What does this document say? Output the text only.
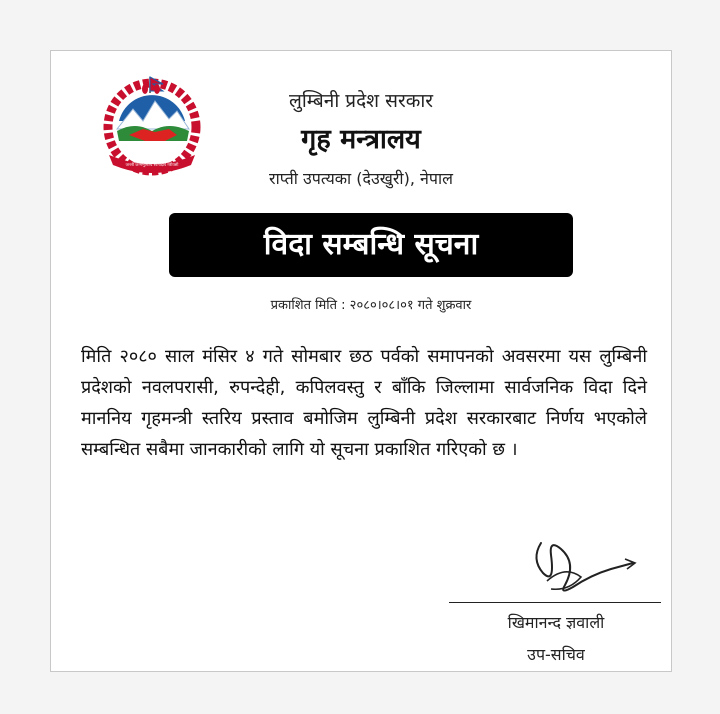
जननी जन्मभूमिश्च स्वर्गादपि गरीयसी
लुम्बिनी प्रदेश सरकार
गृह मन्त्रालय
राप्ती उपत्यका (देउखुरी), नेपाल
विदा सम्बन्धि सूचना
प्रकाशित मिति : २०८०।०८।०१ गते शुक्रवार
मिति २०८० साल मंसिर ४ गते सोमबार छठ पर्वको समापनको अवसरमा यस लुम्बिनी प्रदेशको नवलपरासी, रुपन्देही, कपिलवस्तु र बाँकि जिल्लामा सार्वजनिक विदा दिने माननिय गृहमन्त्री स्तरिय प्रस्ताव बमोजिम लुम्बिनी प्रदेश सरकारबाट निर्णय भएकोले सम्बन्धित सबैमा जानकारीको लागि यो सूचना प्रकाशित गरिएको छ ।
खिमानन्द ज्ञवाली
उप-सचिव
